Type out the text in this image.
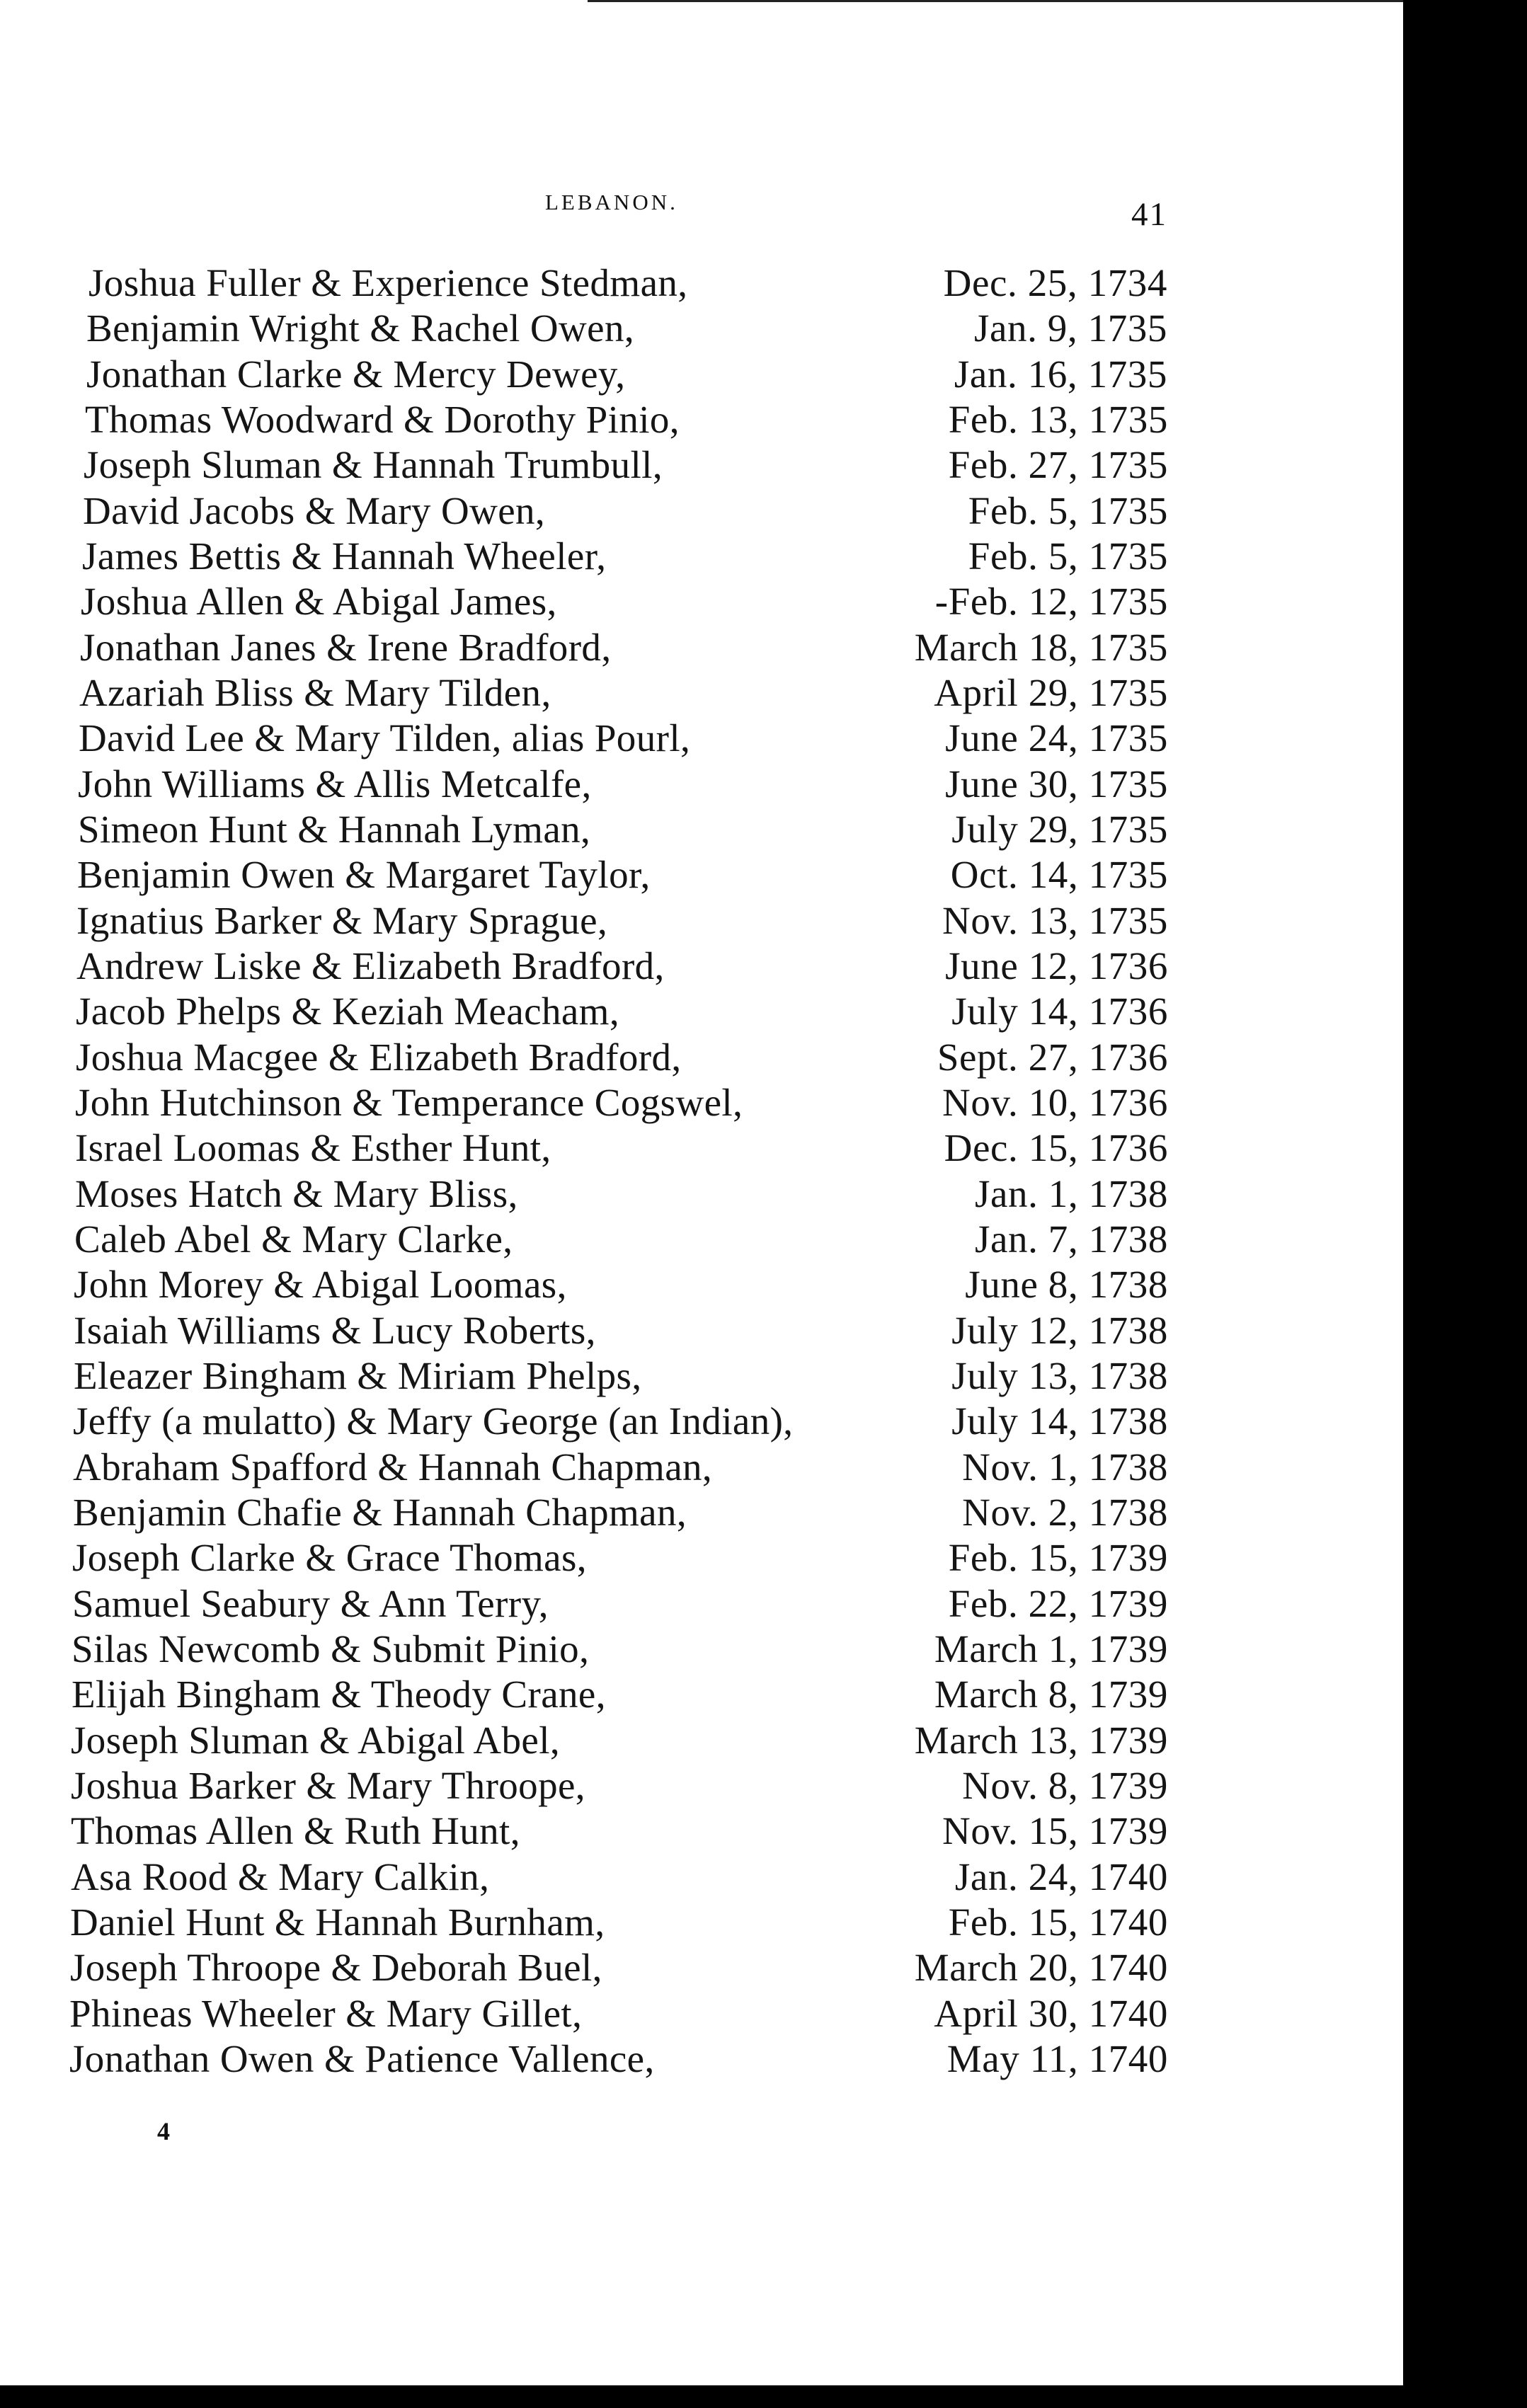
LEBANON.	41
Joshua Fuller & Experience Stedman,	Dec. 25, 1734
Benjamin Wright & Rachel Owen,	Jan. 9, 1735
Jonathan Clarke & Mercy Dewey,	Jan. 16, 1735
Thomas Woodward & Dorothy Pinio,	Feb. 13, 1735
Joseph Sluman & Hannah Trumbull,	Feb. 27, 1735
David Jacobs & Mary Owen,	Feb. 5, 1735
James Bettis & Hannah Wheeler,	Feb. 5, 1735
Joshua Allen & Abigal James,	-Feb. 12, 1735
Jonathan Janes & Irene Bradford,	March 18, 1735
Azariah Bliss & Mary Tilden,	April 29, 1735
David Lee & Mary Tilden, alias Pourl,	June 24, 1735
John Williams & Allis Metcalfe,	June 30, 1735
Simeon Hunt & Hannah Lyman,	July 29, 1735
Benjamin Owen & Margaret Taylor,	Oct. 14, 1735
Ignatius Barker & Mary Sprague,	Nov. 13, 1735
Andrew Liske & Elizabeth Bradford,	June 12, 1736
Jacob Phelps & Keziah Meacham,	July 14, 1736
Joshua Macgee & Elizabeth Bradford,	Sept. 27, 1736
John Hutchinson & Temperance Cogswel,	Nov. 10, 1736
Israel Loomas & Esther Hunt,	Dec. 15, 1736
Moses Hatch & Mary Bliss,	Jan. 1, 1738
Caleb Abel & Mary Clarke,	Jan. 7, 1738
John Morey & Abigal Loomas,	June 8, 1738
Isaiah Williams & Lucy Roberts,	July 12, 1738
Eleazer Bingham & Miriam Phelps,	July 13, 1738
Jeffy (a mulatto) & Mary George (an Indian),	July 14, 1738
Abraham Spafford & Hannah Chapman,	Nov. 1, 1738
Benjamin Chafie & Hannah Chapman,	Nov. 2, 1738
Joseph Clarke & Grace Thomas,	Feb. 15, 1739
Samuel Seabury & Ann Terry,	Feb. 22, 1739
Silas Newcomb & Submit Pinio,	March 1, 1739
Elijah Bingham & Theody Crane,	March 8, 1739
Joseph Sluman & Abigal Abel,	March 13, 1739
Joshua Barker & Mary Throope,	Nov. 8, 1739
Thomas Allen & Ruth Hunt,	Nov. 15, 1739
Asa Rood & Mary Calkin,	Jan. 24, 1740
Daniel Hunt & Hannah Burnham,	Feb. 15, 1740
Joseph Throope & Deborah Buel,	March 20, 1740
Phineas Wheeler & Mary Gillet,	April 30, 1740
Jonathan Owen & Patience Vallence,	May 11, 1740
4
